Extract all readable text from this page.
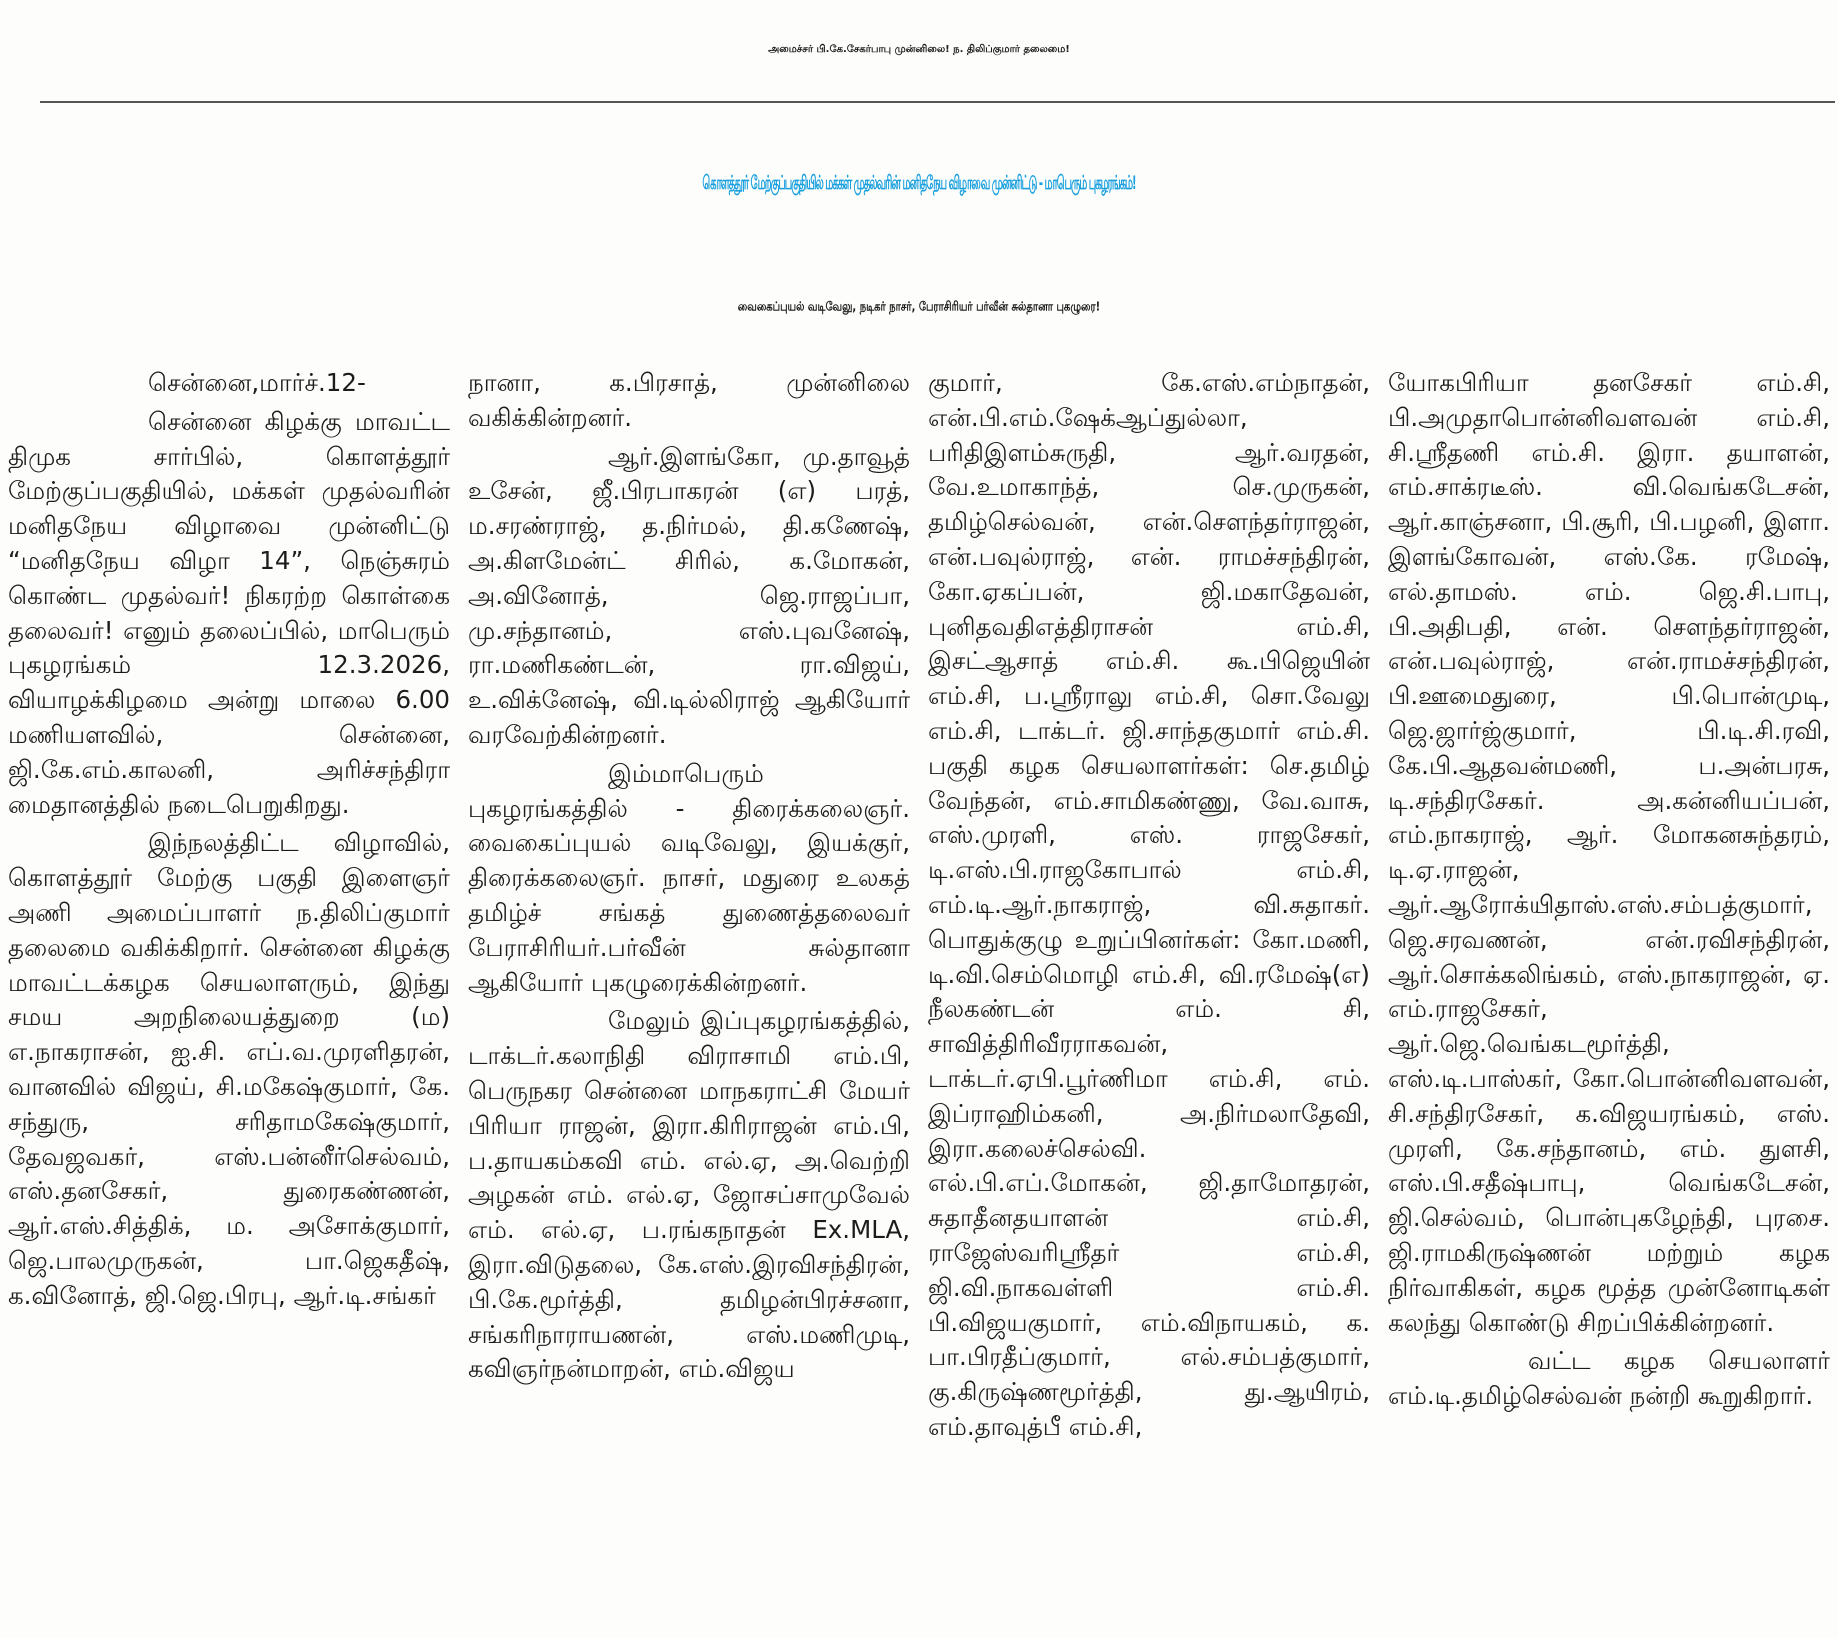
அமைச்சர் பி.கே.சேகர்பாபு முன்னிலை! ந. திலிப்குமார் தலைமை!
கொளத்தூர் மேற்குப்பகுதியில் மக்கள் முதல்வரின் மனிதநேய விழாவை முன்னிட்டு - மாபெரும் புகழரங்கம்!
வைகைப்புயல் வடிவேலு, நடிகர் நாசர், பேராசிரியர் பர்வீன் சுல்தானா புகழுரை!

சென்னை,மார்ச்.12-

சென்னை கிழக்கு மாவட்ட திமுக சார்பில், கொளத்தூர் மேற்குப்பகுதியில், மக்கள் முதல்வரின் மனிதநேய விழாவை முன்னிட்டு “மனிதநேய விழா 14”, நெஞ்சுரம் கொண்ட முதல்வர்! நிகரற்ற கொள்கை தலைவர்! எனும் தலைப்பில், மாபெரும் புகழரங்கம் 12.3.2026, வியாழக்கிழமை அன்று மாலை 6.00 மணியளவில், சென்னை, ஜி.கே.எம்.காலனி, அரிச்சந்திரா மைதானத்தில் நடைபெறுகிறது.

இந்நலத்திட்ட விழாவில், கொளத்தூர் மேற்கு பகுதி இளைஞர் அணி அமைப்பாளர் ந.திலிப்குமார் தலைமை வகிக்கிறார். சென்னை கிழக்கு மாவட்டக்கழக செயலாளரும், இந்து சமய அறநிலையத்துறை (ம) எ.நாகராசன், ஐ.சி. எப்.வ.முரளிதரன், வானவில் விஜய், சி.மகேஷ்குமார், கே. சந்துரு, சரிதாமகேஷ்குமார், தேவஜவகர், எஸ்.பன்னீர்செல்வம், எஸ்.தனசேகர், துரைகண்ணன், ஆர்.எஸ்.சித்திக், ம. அசோக்குமார், ஜெ.பாலமுருகன், பா.ஜெகதீஷ், க.வினோத், ஜி.ஜெ.பிரபு, ஆர்.டி.சங்கர்

நானா, க.பிரசாத், முன்னிலை வகிக்கின்றனர்.

ஆர்.இளங்கோ, மு.தாவூத் உசேன், ஜீ.பிரபாகரன் (எ) பரத், ம.சரண்ராஜ், த.நிர்மல், தி.கணேஷ், அ.கிளமேன்ட் சிரில், க.மோகன், அ.வினோத், ஜெ.ராஜப்பா, மு.சந்தானம், எஸ்.புவனேஷ், ரா.மணிகண்டன், ரா.விஜய், உ.விக்னேஷ், வி.டில்லிராஜ் ஆகியோர் வரவேற்கின்றனர்.

இம்மாபெரும் புகழரங்கத்தில் - திரைக்கலைஞர். வைகைப்புயல் வடிவேலு, இயக்குர், திரைக்கலைஞர். நாசர், மதுரை உலகத் தமிழ்ச் சங்கத் துணைத்தலைவர் பேராசிரியர்.பர்வீன் சுல்தானா ஆகியோர் புகழுரைக்கின்றனர்.

மேலும் இப்புகழரங்கத்தில், டாக்டர்.கலாநிதி விராசாமி எம்.பி, பெருநகர சென்னை மாநகராட்சி மேயர் பிரியா ராஜன், இரா.கிரிராஜன் எம்.பி, ப.தாயகம்கவி எம். எல்.ஏ, அ.வெற்றி அழகன் எம். எல்.ஏ, ஜோசப்சாமுவேல் எம். எல்.ஏ, ப.ரங்கநாதன் Ex.MLA, இரா.விடுதலை, கே.எஸ்.இரவிசந்திரன், பி.கே.மூர்த்தி, தமிழன்பிரச்சனா, சங்கரிநாராயணன், எஸ்.மணிமுடி, கவிஞர்நன்மாறன், எம்.விஜய

குமார், கே.எஸ்.எம்நாதன், என்.பி.எம்.ஷேக்ஆப்துல்லா, பரிதிஇளம்சுருதி, ஆர்.வரதன், வே.உமாகாந்த், செ.முருகன், தமிழ்செல்வன், என்.சௌந்தர்ராஜன், என்.பவுல்ராஜ், என். ராமச்சந்திரன், கோ.ஏகப்பன், ஜி.மகாதேவன், புனிதவதிஎத்திராசன் எம்.சி, இசட்ஆசாத் எம்.சி. கூ.பிஜெயின் எம்.சி, ப.ஸ்ரீராலு எம்.சி, சொ.வேலு எம்.சி, டாக்டர். ஜி.சாந்தகுமார் எம்.சி. பகுதி கழக செயலாளர்கள்: செ.தமிழ் வேந்தன், எம்.சாமிகண்ணு, வே.வாசு, எஸ்.முரளி, எஸ். ராஜசேகர், டி.எஸ்.பி.ராஜகோபால் எம்.சி, எம்.டி.ஆர்.நாகராஜ், வி.சுதாகர். பொதுக்குழு உறுப்பினர்கள்: கோ.மணி, டி.வி.செம்மொழி எம்.சி, வி.ரமேஷ்(எ) நீலகண்டன் எம். சி, சாவித்திரிவீரராகவன், டாக்டர்.ஏபி.பூர்ணிமா எம்.சி, எம். இப்ராஹிம்கனி, அ.நிர்மலாதேவி, இரா.கலைச்செல்வி. எல்.பி.எப்.மோகன், ஜி.தாமோதரன், சுதாதீனதயாளன் எம்.சி, ராஜேஸ்வரிஸ்ரீதர் எம்.சி, ஜி.வி.நாகவள்ளி எம்.சி. பி.விஜயகுமார், எம்.விநாயகம், க. பா.பிரதீப்குமார், எல்.சம்பத்குமார், கு.கிருஷ்ணமூர்த்தி, து.ஆயிரம், எம்.தாவுத்பீ எம்.சி,

யோகபிரியா தனசேகர் எம்.சி, பி.அமுதாபொன்னிவளவன் எம்.சி, சி.ஸ்ரீதணி எம்.சி. இரா. தயாளன், எம்.சாக்ரடீஸ். வி.வெங்கடேசன், ஆர்.காஞ்சனா, பி.சூரி, பி.பழனி, இளா. இளங்கோவன், எஸ்.கே. ரமேஷ், எல்.தாமஸ். எம். ஜெ.சி.பாபு, பி.அதிபதி, என். சௌந்தர்ராஜன், என்.பவுல்ராஜ், என்.ராமச்சந்திரன், பி.ஊமைதுரை, பி.பொன்முடி, ஜெ.ஜார்ஜ்குமார், பி.டி.சி.ரவி, கே.பி.ஆதவன்மணி, ப.அன்பரசு, டி.சந்திரசேகர். அ.கன்னியப்பன், எம்.நாகராஜ், ஆர். மோகனசுந்தரம், டி.ஏ.ராஜன், ஆர்.ஆரோக்யிதாஸ்.எஸ்.சம்பத்குமார், ஜெ.சரவணன், என்.ரவிசந்திரன், ஆர்.சொக்கலிங்கம், எஸ்.நாகராஜன், ஏ. எம்.ராஜசேகர், ஆர்.ஜெ.வெங்கடமூர்த்தி, எஸ்.டி.பாஸ்கர், கோ.பொன்னிவளவன், சி.சந்திரசேகர், க.விஜயரங்கம், எஸ். முரளி, கே.சந்தானம், எம். துளசி, எஸ்.பி.சதீஷ்பாபு, வெங்கடேசன், ஜி.செல்வம், பொன்புகழேந்தி, புரசை. ஜி.ராமகிருஷ்ணன் மற்றும் கழக நிர்வாகிகள், கழக மூத்த முன்னோடிகள் கலந்து கொண்டு சிறப்பிக்கின்றனர்.

வட்ட கழக செயலாளர் எம்.டி.தமிழ்செல்வன் நன்றி கூறுகிறார்.
